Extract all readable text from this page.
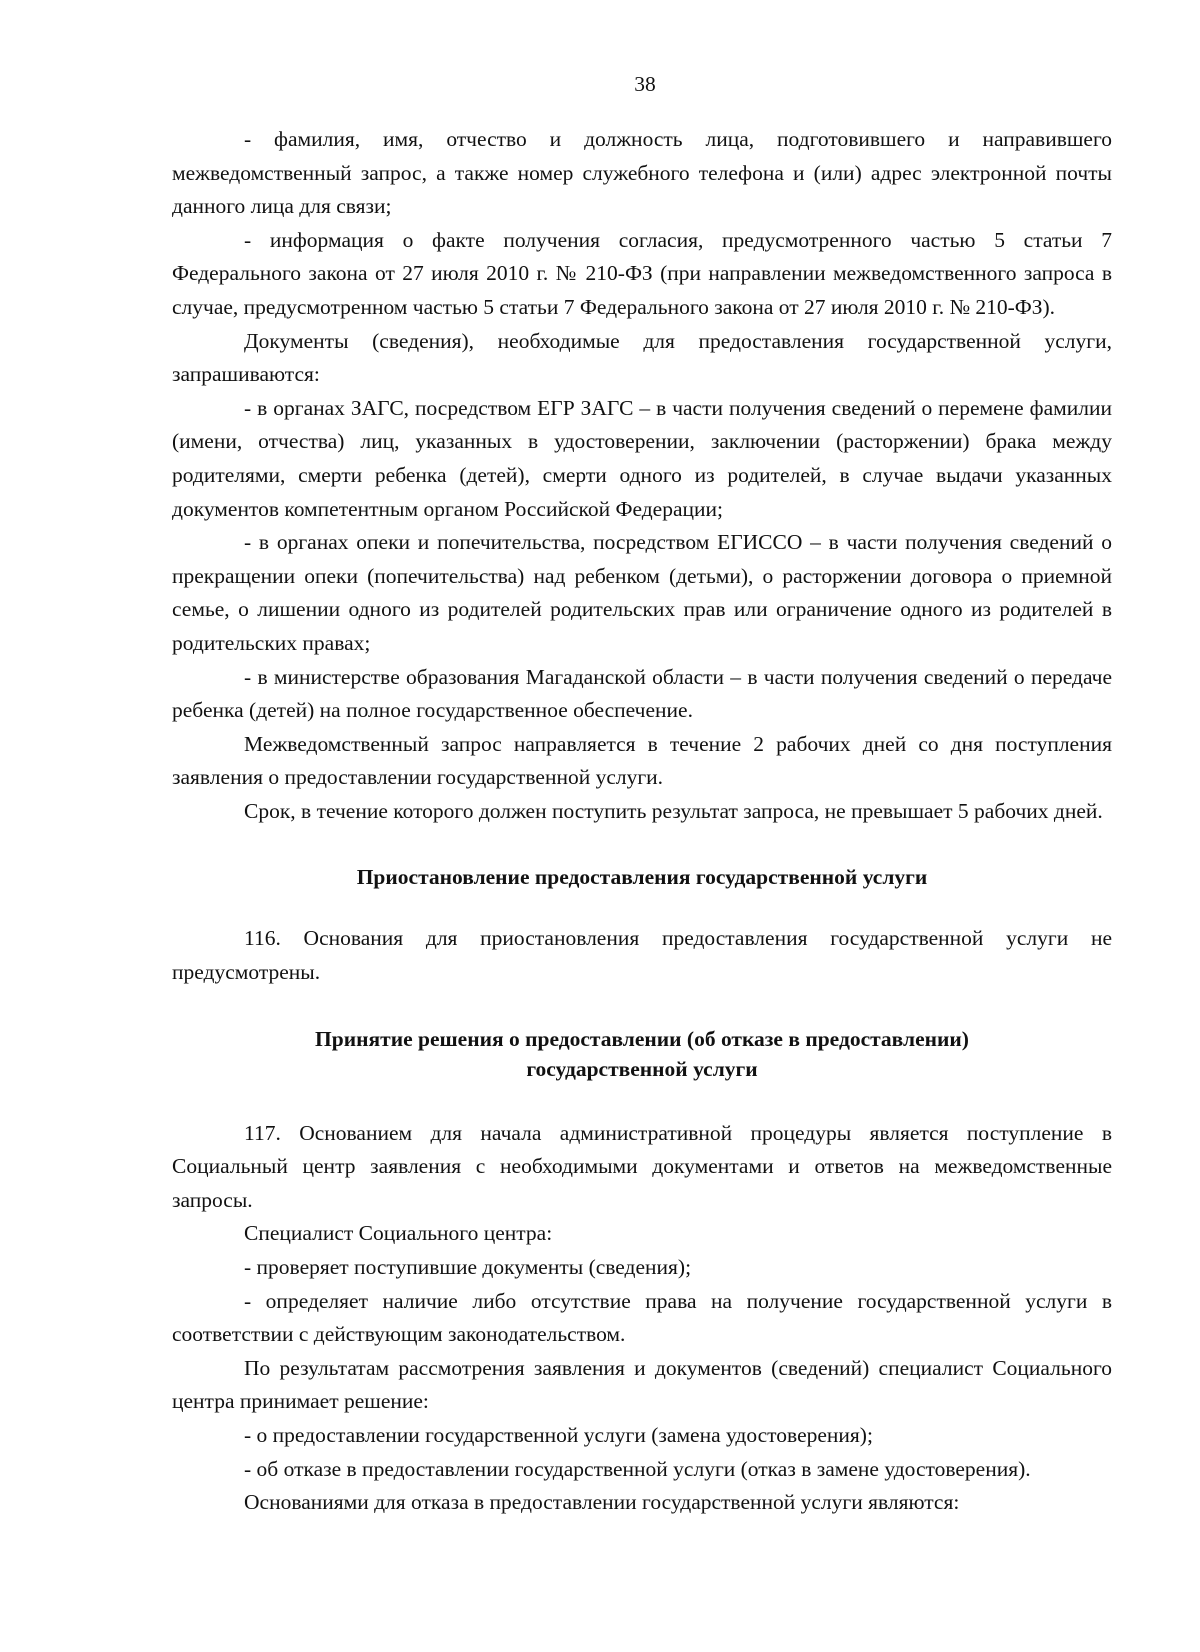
38

- фамилия, имя, отчество и должность лица, подготовившего и направившего межведомственный запрос, а также номер служебного телефона и (или) адрес электронной почты данного лица для связи;

- информация о факте получения согласия, предусмотренного частью 5 статьи 7 Федерального закона от 27 июля 2010 г. № 210-ФЗ (при направлении межведомственного запроса в случае, предусмотренном частью 5 статьи 7 Федерального закона от 27 июля 2010 г. № 210-ФЗ).

Документы (сведения), необходимые для предоставления государственной услуги, запрашиваются:

- в органах ЗАГС, посредством ЕГР ЗАГС – в части получения сведений о перемене фамилии (имени, отчества) лиц, указанных в удостоверении, заключении (расторжении) брака между родителями, смерти ребенка (детей), смерти одного из родителей, в случае выдачи указанных документов компетентным органом Российской Федерации;

- в органах опеки и попечительства, посредством ЕГИССО – в части получения сведений о прекращении опеки (попечительства) над ребенком (детьми), о расторжении договора о приемной семье, о лишении одного из родителей родительских прав или ограничение одного из родителей в родительских правах;

- в министерстве образования Магаданской области – в части получения сведений о передаче ребенка (детей) на полное государственное обеспечение.

Межведомственный запрос направляется в течение 2 рабочих дней со дня поступления заявления о предоставлении государственной услуги.

Срок, в течение которого должен поступить результат запроса, не превышает 5 рабочих дней.

Приостановление предоставления государственной услуги

116. Основания для приостановления предоставления государственной услуги не предусмотрены.

Принятие решения о предоставлении (об отказе в предоставлении)
государственной услуги

117. Основанием для начала административной процедуры является поступление в Социальный центр заявления с необходимыми документами и ответов на межведомственные запросы.

Специалист Социального центра:

- проверяет поступившие документы (сведения);

- определяет наличие либо отсутствие права на получение государственной услуги в соответствии с действующим законодательством.

По результатам рассмотрения заявления и документов (сведений) специалист Социального центра принимает решение:

- о предоставлении государственной услуги (замена удостоверения);

- об отказе в предоставлении государственной услуги (отказ в замене удостоверения).

Основаниями для отказа в предоставлении государственной услуги являются:
